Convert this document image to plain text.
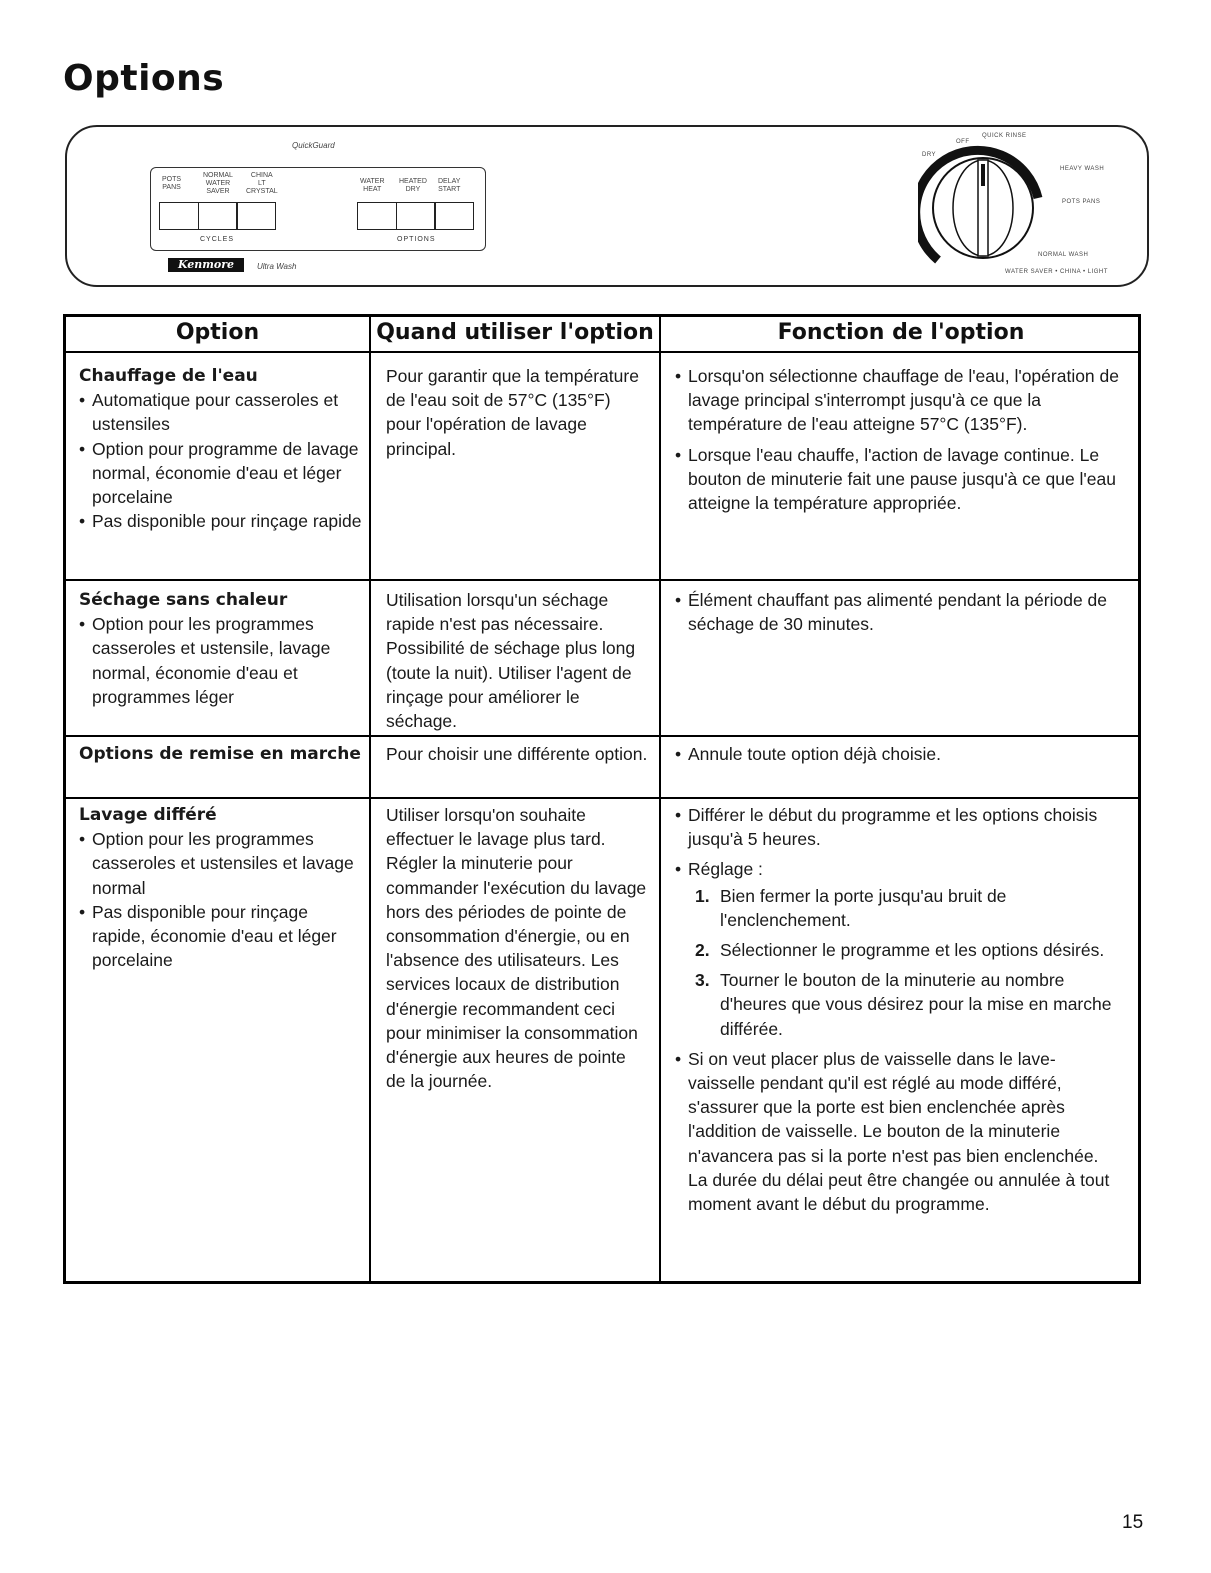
Options
QuickGuard
POTS
PANS
NORMAL
WATER
SAVER
CHINA
LT
CRYSTAL
WATER
HEAT
HEATED
DRY
DELAY
START
CYCLES	OPTIONS
Kenmore	Ultra Wash
OFF
QUICK RINSE
DRY
POTS PANS
HEAVY WASH
NORMAL WASH
WATER SAVER • CHINA • LIGHT
Option	Quand utiliser l'option	Fonction de l'option

Chauffage de l'eau

• Automatique pour casseroles et ustensiles
• Option pour programme de lavage normal, économie d'eau et léger porcelaine
• Pas disponible pour rinçage rapide

Pour garantir que la température de l'eau soit de 57°C (135°F) pour l'opération de lavage principal.

• Lorsqu'on sélectionne chauffage de l'eau, l'opération de lavage principal s'interrompt jusqu'à ce que la température de l'eau atteigne 57°C (135°F).
• Lorsque l'eau chauffe, l'action de lavage continue. Le bouton de minuterie fait une pause jusqu'à ce que l'eau atteigne la température appropriée.

Séchage sans chaleur

• Option pour les programmes casseroles et ustensile, lavage normal, économie d'eau et programmes léger

Utilisation lorsqu'un séchage rapide n'est pas nécessaire. Possibilité de séchage plus long (toute la nuit). Utiliser l'agent de rinçage pour améliorer le séchage.

• Élément chauffant pas alimenté pendant la période de séchage de 30 minutes.

Options de remise en marche	Pour choisir une différente option.

•	Annule toute option déjà choisie.

Lavage différé

• Option pour les programmes casseroles et ustensiles et lavage normal
• Pas disponible pour rinçage rapide, économie d'eau et léger porcelaine

Utiliser lorsqu'on souhaite effectuer le lavage plus tard.

Régler la minuterie pour commander l'exécution du lavage hors des périodes de pointe de consommation d'énergie, ou en l'absence des utilisateurs. Les services locaux de distribution d'énergie recommandent ceci pour minimiser la consommation d'énergie aux heures de pointe de la journée.

• Différer le début du programme et les options choisis jusqu'à 5 heures.
• Réglage :
1. Bien fermer la porte jusqu'au bruit de l'enclenchement.
2. Sélectionner le programme et les options désirés.
3. Tourner le bouton de la minuterie au nombre d'heures que vous désirez pour la mise en marche différée.
• Si on veut placer plus de vaisselle dans le lave-vaisselle pendant qu'il est réglé au mode différé, s'assurer que la porte est bien enclenchée après l'addition de vaisselle. Le bouton de la minuterie n'avancera pas si la porte n'est pas bien enclenchée. La durée du délai peut être changée ou annulée à tout moment avant le début du programme.
15
